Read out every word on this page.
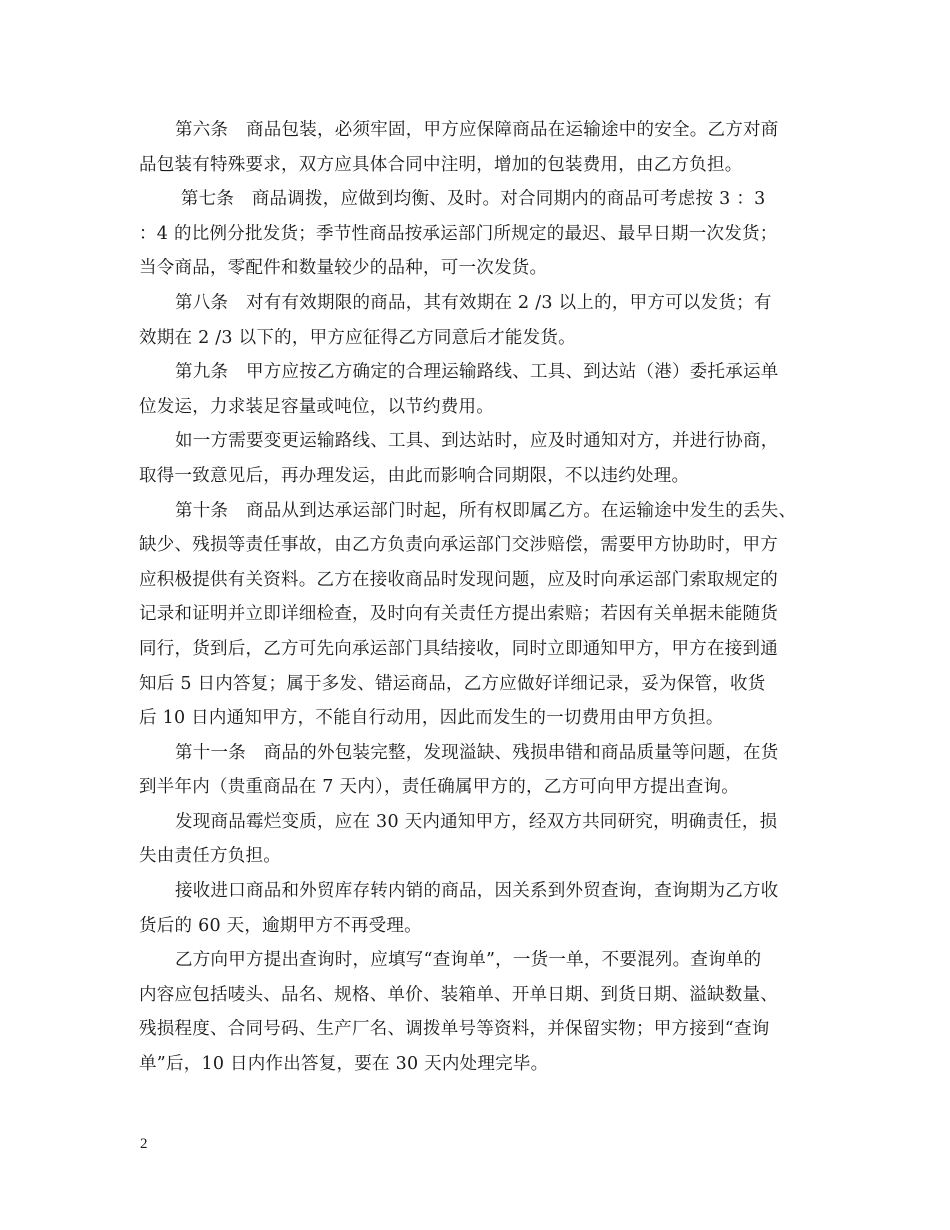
第六条　商品包装，必须牢固，甲方应保障商品在运输途中的安全。乙方对商
品包装有特殊要求，双方应具体合同中注明，增加的包装费用，由乙方负担。
第七条　商品调拨，应做到均衡、及时。对合同期内的商品可考虑按 3 ：3
：4 的比例分批发货；季节性商品按承运部门所规定的最迟、最早日期一次发货；
当令商品，零配件和数量较少的品种，可一次发货。
第八条　对有有效期限的商品，其有效期在 2 /3 以上的，甲方可以发货；有
效期在 2 /3 以下的，甲方应征得乙方同意后才能发货。
第九条　甲方应按乙方确定的合理运输路线、工具、到达站（港）委托承运单
位发运，力求装足容量或吨位，以节约费用。
如一方需要变更运输路线、工具、到达站时，应及时通知对方，并进行协商，
取得一致意见后，再办理发运，由此而影响合同期限，不以违约处理。
第十条　商品从到达承运部门时起，所有权即属乙方。在运输途中发生的丢失、
缺少、残损等责任事故，由乙方负责向承运部门交涉赔偿，需要甲方协助时，甲方
应积极提供有关资料。乙方在接收商品时发现问题，应及时向承运部门索取规定的
记录和证明并立即详细检查，及时向有关责任方提出索赔；若因有关单据未能随货
同行，货到后，乙方可先向承运部门具结接收，同时立即通知甲方，甲方在接到通
知后 5 日内答复；属于多发、错运商品，乙方应做好详细记录，妥为保管，收货
后 10 日内通知甲方，不能自行动用，因此而发生的一切费用由甲方负担。
第十一条　商品的外包装完整，发现溢缺、残损串错和商品质量等问题，在货
到半年内（贵重商品在 7 天内），责任确属甲方的，乙方可向甲方提出查询。
发现商品霉烂变质，应在 30 天内通知甲方，经双方共同研究，明确责任，损
失由责任方负担。
接收进口商品和外贸库存转内销的商品，因关系到外贸查询，查询期为乙方收
货后的 60 天，逾期甲方不再受理。
乙方向甲方提出查询时，应填写“查询单”，一货一单，不要混列。查询单的
内容应包括唛头、品名、规格、单价、装箱单、开单日期、到货日期、溢缺数量、
残损程度、合同号码、生产厂名、调拨单号等资料，并保留实物；甲方接到“查询
单”后，10 日内作出答复，要在 30 天内处理完毕。
2
